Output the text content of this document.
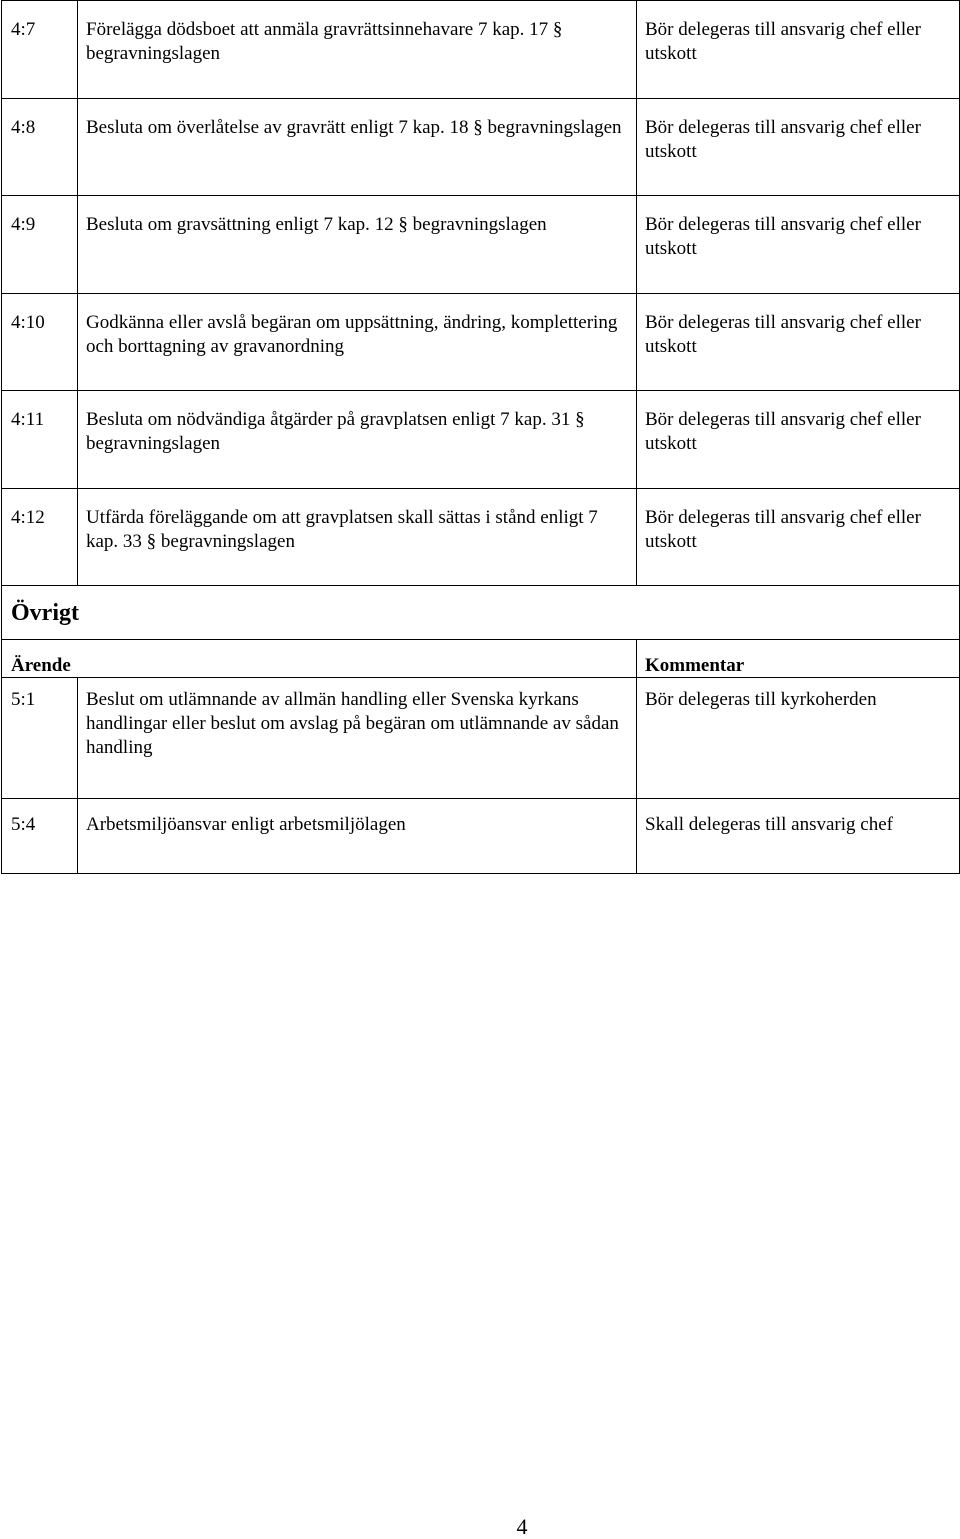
4:7	Förelägga dödsboet att anmäla gravrättsinnehavare 7 kap. 17 § begravningslagen	Bör delegeras till ansvarig chef eller utskott

4:8	Besluta om överlåtelse av gravrätt enligt 7 kap. 18 § begravningslagen	Bör delegeras till ansvarig chef eller utskott

4:9	Besluta om gravsättning enligt 7 kap. 12 § begravningslagen	Bör delegeras till ansvarig chef eller utskott

4:10	Godkänna eller avslå begäran om uppsättning, ändring, komplettering och borttagning av gravanordning	Bör delegeras till ansvarig chef eller utskott

4:11	Besluta om nödvändiga åtgärder på gravplatsen enligt 7 kap. 31 § begravningslagen	Bör delegeras till ansvarig chef eller utskott

4:12	Utfärda föreläggande om att gravplatsen skall sättas i stånd enligt 7 kap. 33 § begravningslagen	Bör delegeras till ansvarig chef eller utskott

Övrigt		

Ärende		Kommentar

5:1	Beslut om utlämnande av allmän handling eller Svenska kyrkans handlingar eller beslut om avslag på begäran om utlämnande av sådan handling	Bör delegeras till kyrkoherden

5:4	Arbetsmiljöansvar enligt arbetsmiljölagen	Skall delegeras till ansvarig chef
4
